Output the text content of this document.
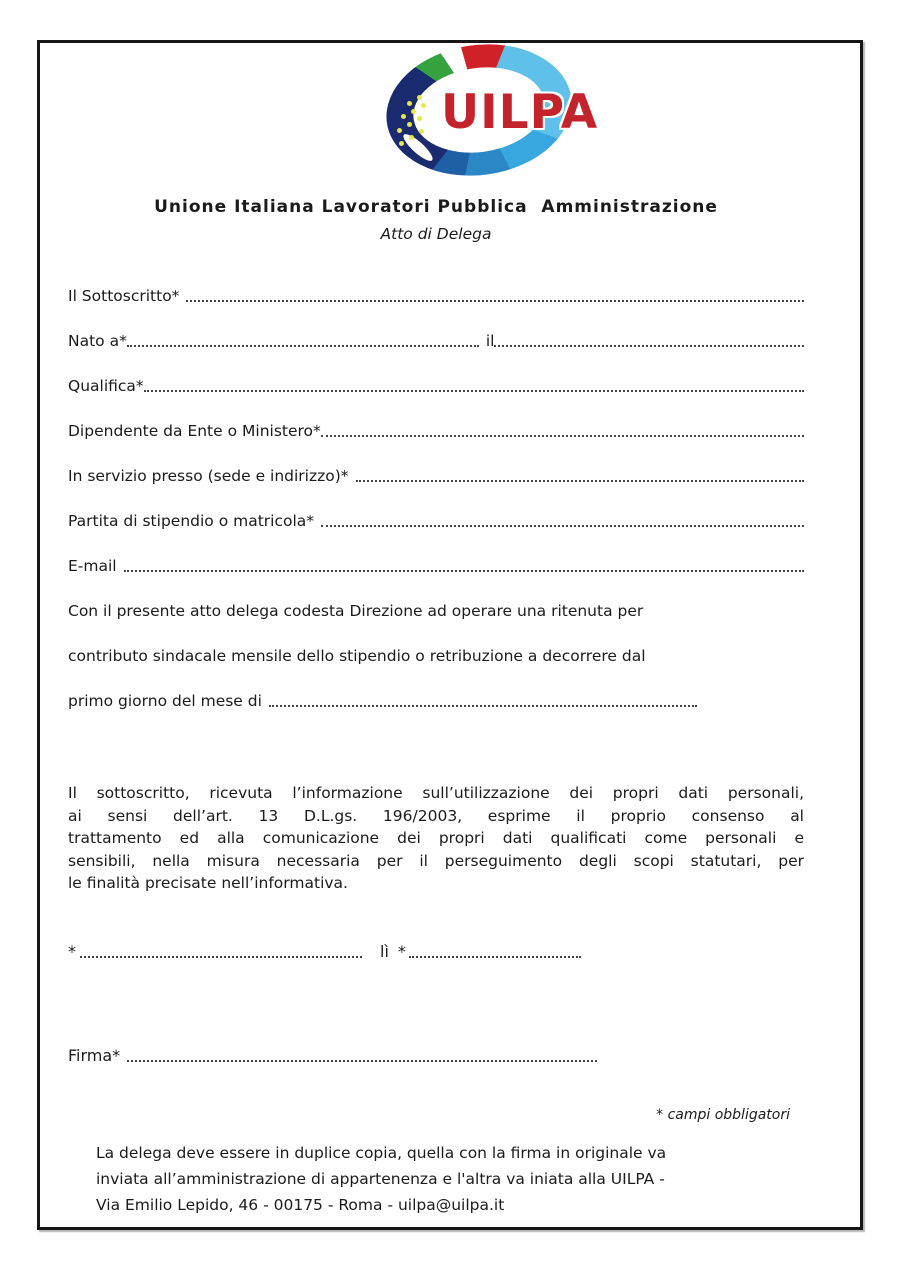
UILPA
Unione Italiana Lavoratori Pubblica  Amministrazione
Atto di Delega
Il Sottoscritto*
Nato a*	il
Qualifica*
Dipendente da Ente o Ministero*
In servizio presso (sede e indirizzo)*
Partita di stipendio o matricola*
E-mail
Con il presente atto delega codesta Direzione ad operare una ritenuta per
contributo sindacale mensile dello stipendio o retribuzione a decorrere dal
primo giorno del mese di
Il sottoscritto, ricevuta l’informazione sull’utilizzazione dei propri dati personali,
ai sensi dell’art. 13 D.L.gs. 196/2003, esprime il proprio consenso al
trattamento ed alla comunicazione dei propri dati qualificati come personali e
sensibili, nella misura necessaria per il perseguimento degli scopi statutari, per
le finalità precisate nell’informativa.
*	lì *
Firma*
* campi obbligatori
La delega deve essere in duplice copia, quella con la firma in originale va
inviata all’amministrazione di appartenenza e l'altra va iniata alla UILPA -
Via Emilio Lepido, 46 - 00175 - Roma - uilpa@uilpa.it
